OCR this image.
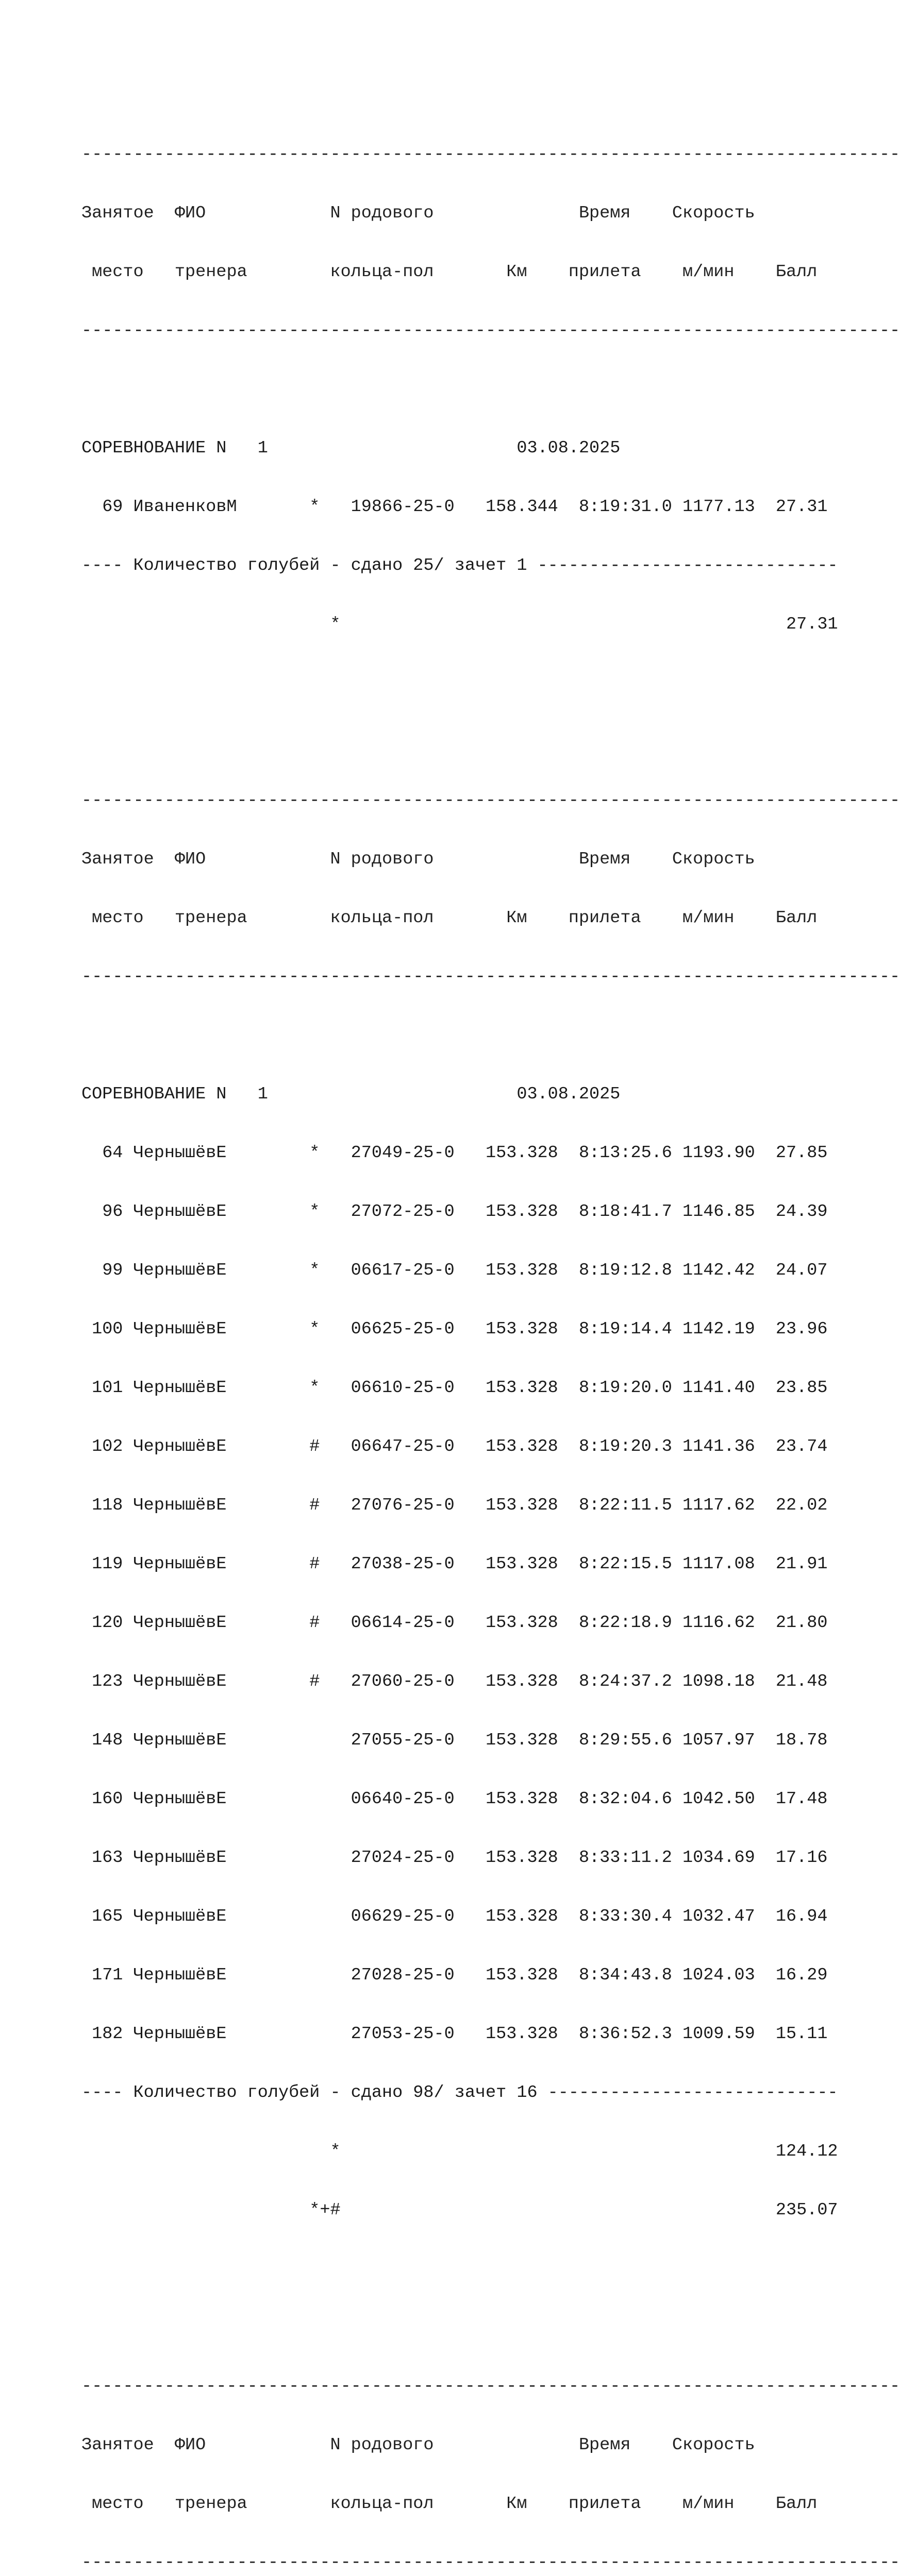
-------------------------------------------------------------------------------

Занятое  ФИО            N родового              Время    Скорость

место   тренера        кольца-пол       Км    прилета    м/мин    Балл

-------------------------------------------------------------------------------

СОРЕВНОВАНИЕ N   1                        03.08.2025

69 ИваненковМ       *   19866-25-0   158.344  8:19:31.0 1177.13  27.31

---- Количество голубей - сдано 25/ зачет 1 -----------------------------

*                                           27.31

-------------------------------------------------------------------------------

Занятое  ФИО            N родового              Время    Скорость

место   тренера        кольца-пол       Км    прилета    м/мин    Балл

-------------------------------------------------------------------------------

СОРЕВНОВАНИЕ N   1                        03.08.2025

64 ЧернышёвЕ        *   27049-25-0   153.328  8:13:25.6 1193.90  27.85

96 ЧернышёвЕ        *   27072-25-0   153.328  8:18:41.7 1146.85  24.39

99 ЧернышёвЕ        *   06617-25-0   153.328  8:19:12.8 1142.42  24.07

100 ЧернышёвЕ        *   06625-25-0   153.328  8:19:14.4 1142.19  23.96

101 ЧернышёвЕ        *   06610-25-0   153.328  8:19:20.0 1141.40  23.85

102 ЧернышёвЕ        #   06647-25-0   153.328  8:19:20.3 1141.36  23.74

118 ЧернышёвЕ        #   27076-25-0   153.328  8:22:11.5 1117.62  22.02

119 ЧернышёвЕ        #   27038-25-0   153.328  8:22:15.5 1117.08  21.91

120 ЧернышёвЕ        #   06614-25-0   153.328  8:22:18.9 1116.62  21.80

123 ЧернышёвЕ        #   27060-25-0   153.328  8:24:37.2 1098.18  21.48

148 ЧернышёвЕ            27055-25-0   153.328  8:29:55.6 1057.97  18.78

160 ЧернышёвЕ            06640-25-0   153.328  8:32:04.6 1042.50  17.48

163 ЧернышёвЕ            27024-25-0   153.328  8:33:11.2 1034.69  17.16

165 ЧернышёвЕ            06629-25-0   153.328  8:33:30.4 1032.47  16.94

171 ЧернышёвЕ            27028-25-0   153.328  8:34:43.8 1024.03  16.29

182 ЧернышёвЕ            27053-25-0   153.328  8:36:52.3 1009.59  15.11

---- Количество голубей - сдано 98/ зачет 16 ----------------------------

*                                          124.12

*+#                                          235.07

-------------------------------------------------------------------------------

Занятое  ФИО            N родового              Время    Скорость

место   тренера        кольца-пол       Км    прилета    м/мин    Балл

-------------------------------------------------------------------------------
